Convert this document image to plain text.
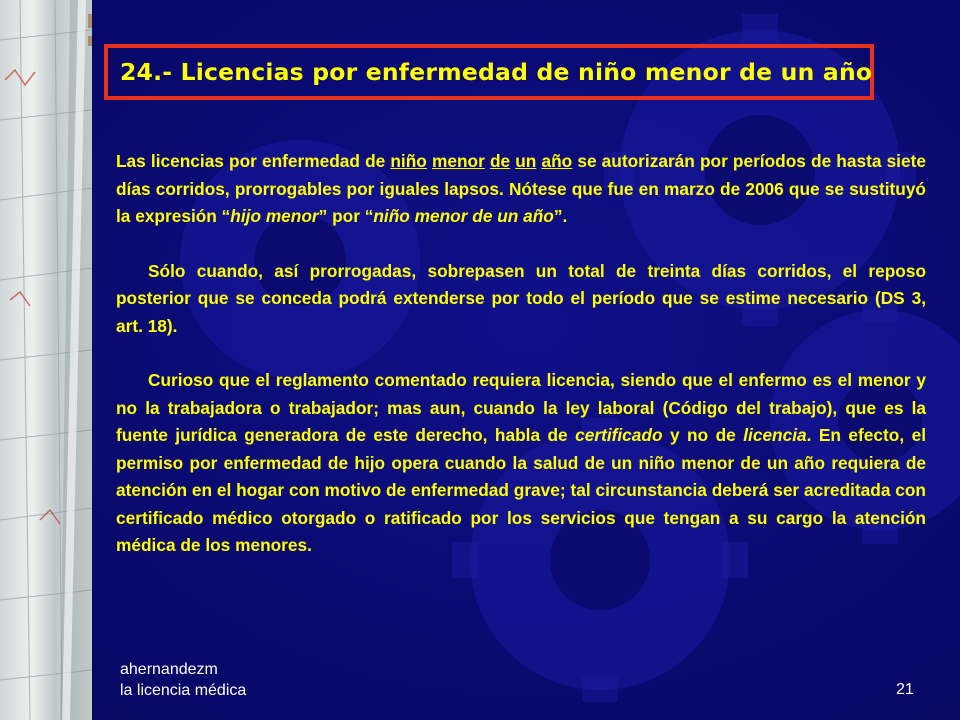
24.- Licencias por enfermedad de niño menor de un año

Las licencias por enfermedad de niño menor de un año se autorizarán por períodos de hasta siete días corridos, prorrogables por iguales lapsos. Nótese que fue en marzo de 2006 que se sustituyó la expresión “hijo menor” por “niño menor de un año”.

Sólo cuando, así prorrogadas, sobrepasen un total de treinta días corridos, el reposo posterior que se conceda podrá extenderse por todo el período que se estime necesario (DS 3, art. 18).

Curioso que el reglamento comentado requiera licencia, siendo que el enfermo es el menor y no la trabajadora o trabajador; mas aun, cuando la ley laboral (Código del trabajo), que es la fuente jurídica generadora de este derecho, habla de certificado y no de licencia. En efecto, el permiso por enfermedad de hijo opera cuando la salud de un niño menor de un año requiera de atención en el hogar con motivo de enfermedad grave; tal circunstancia deberá ser acreditada con certificado médico otorgado o ratificado por los servicios que tengan a su cargo la atención médica de los menores.

ahernandezm
la licencia médica	21
